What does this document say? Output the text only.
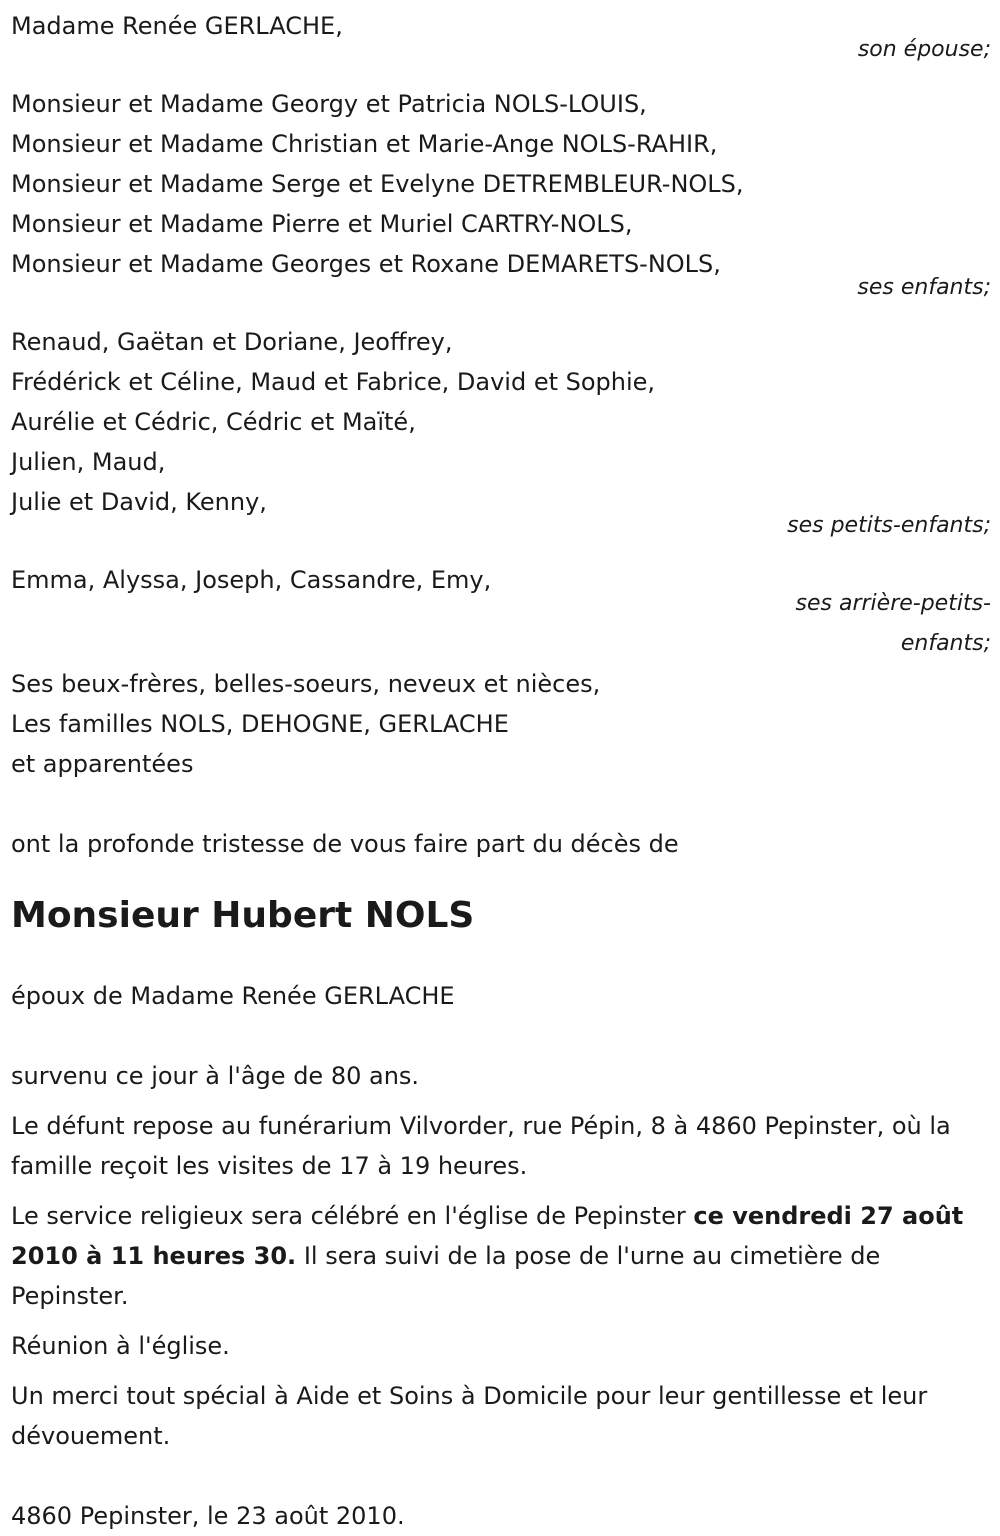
Madame Renée GERLACHE,
son épouse;
Monsieur et Madame Georgy et Patricia NOLS-LOUIS,
Monsieur et Madame Christian et Marie-Ange NOLS-RAHIR,
Monsieur et Madame Serge et Evelyne DETREMBLEUR-NOLS,
Monsieur et Madame Pierre et Muriel CARTRY-NOLS,
Monsieur et Madame Georges et Roxane DEMARETS-NOLS,
ses enfants;
Renaud, Gaëtan et Doriane, Jeoffrey,
Frédérick et Céline, Maud et Fabrice, David et Sophie,
Aurélie et Cédric, Cédric et Maïté,
Julien, Maud,
Julie et David, Kenny,
ses petits-enfants;
Emma, Alyssa, Joseph, Cassandre, Emy,
ses arrière-petits-
enfants;
Ses beux-frères, belles-soeurs, neveux et nièces,
Les familles NOLS, DEHOGNE, GERLACHE
et apparentées
ont la profonde tristesse de vous faire part du décès de
Monsieur Hubert NOLS
époux de Madame Renée GERLACHE
survenu ce jour à l'âge de 80 ans.
Le défunt repose au funérarium Vilvorder, rue Pépin, 8 à 4860 Pepinster, où la famille reçoit les visites de 17 à 19 heures.
Le service religieux sera célébré en l'église de Pepinster ce vendredi 27 août 2010 à 11 heures 30. Il sera suivi de la pose de l'urne au cimetière de Pepinster.
Réunion à l'église.
Un merci tout spécial à Aide et Soins à Domicile pour leur gentillesse et leur dévouement.
4860 Pepinster, le 23 août 2010.
